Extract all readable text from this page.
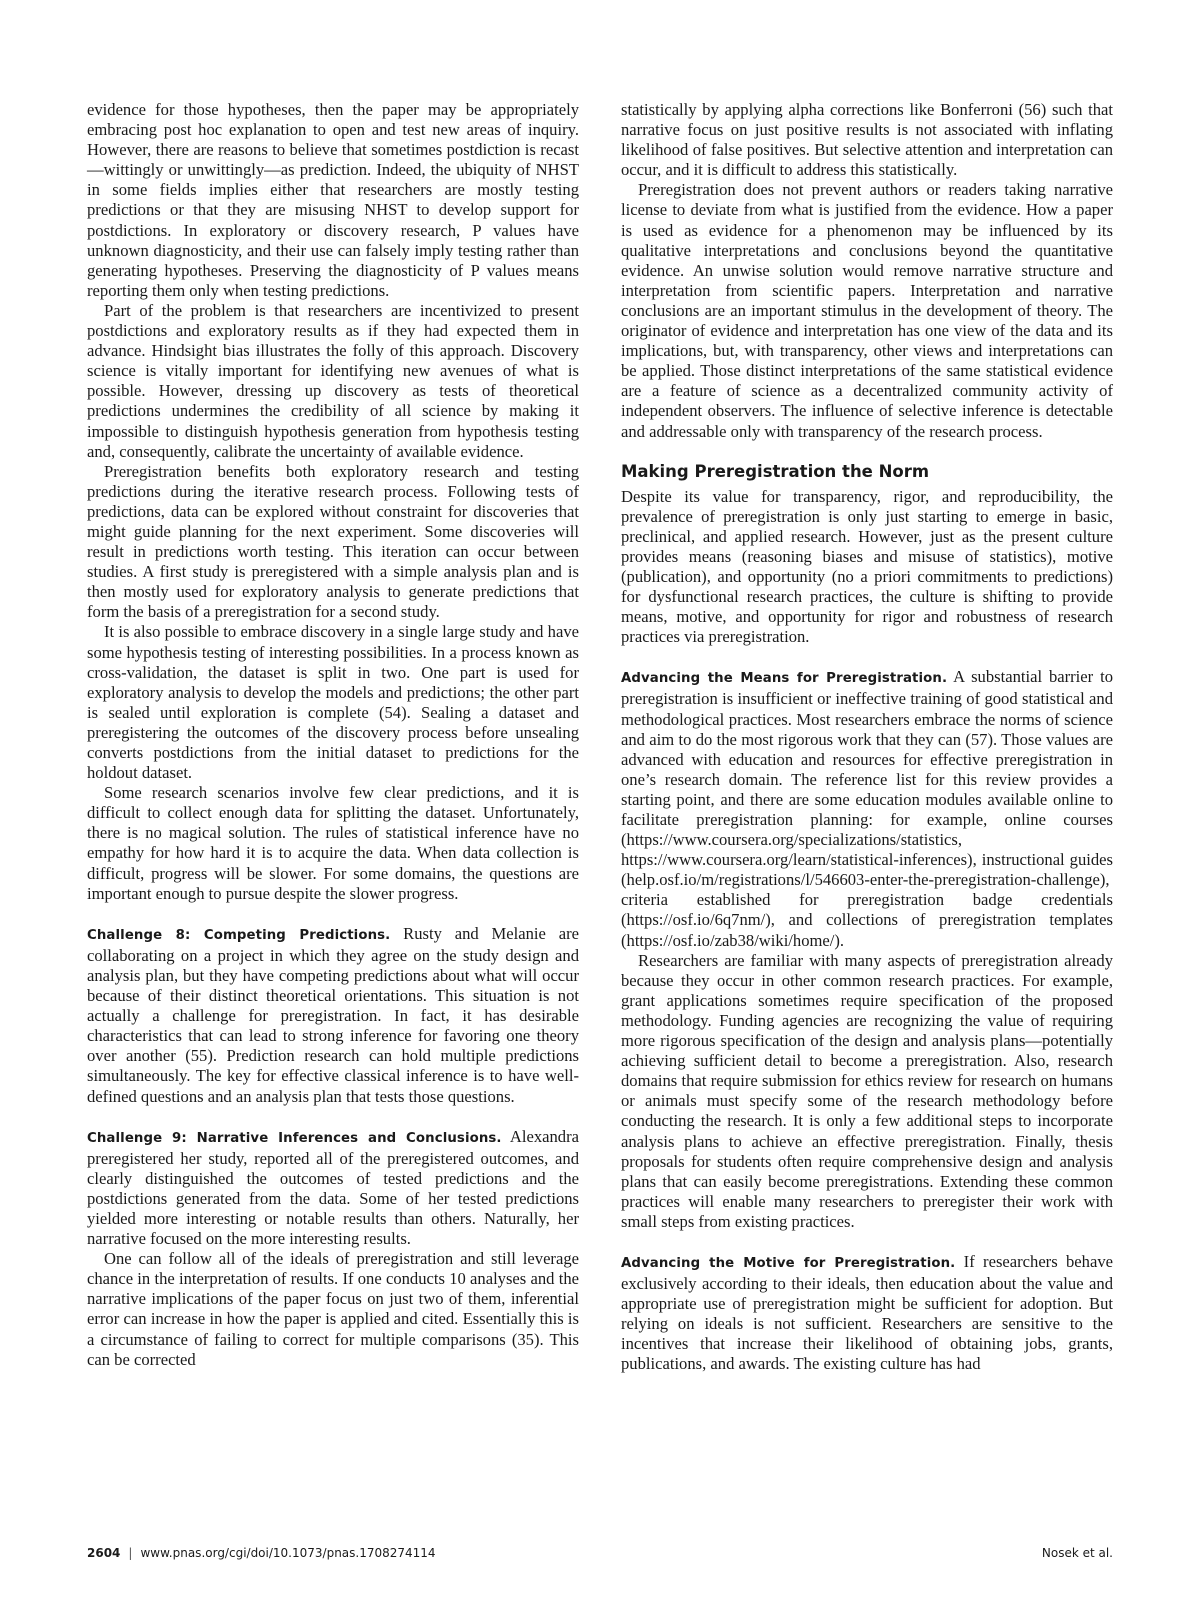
evidence for those hypotheses, then the paper may be appropriately embracing post hoc explanation to open and test new areas of inquiry. However, there are reasons to believe that sometimes postdiction is recast—wittingly or unwittingly—as prediction. Indeed, the ubiquity of NHST in some fields implies either that researchers are mostly testing predictions or that they are misusing NHST to develop support for postdictions. In exploratory or discovery research, P values have unknown diagnosticity, and their use can falsely imply testing rather than generating hypotheses. Preserving the diagnosticity of P values means reporting them only when testing predictions.

Part of the problem is that researchers are incentivized to present postdictions and exploratory results as if they had expected them in advance. Hindsight bias illustrates the folly of this approach. Discovery science is vitally important for identifying new avenues of what is possible. However, dressing up discovery as tests of theoretical predictions undermines the credibility of all science by making it impossible to distinguish hypothesis generation from hypothesis testing and, consequently, calibrate the uncertainty of available evidence.

Preregistration benefits both exploratory research and testing predictions during the iterative research process. Following tests of predictions, data can be explored without constraint for discoveries that might guide planning for the next experiment. Some discoveries will result in predictions worth testing. This iteration can occur between studies. A first study is preregistered with a simple analysis plan and is then mostly used for exploratory analysis to generate predictions that form the basis of a preregistration for a second study.

It is also possible to embrace discovery in a single large study and have some hypothesis testing of interesting possibilities. In a process known as cross-validation, the dataset is split in two. One part is used for exploratory analysis to develop the models and predictions; the other part is sealed until exploration is complete (54). Sealing a dataset and preregistering the outcomes of the discovery process before unsealing converts postdictions from the initial dataset to predictions for the holdout dataset.

Some research scenarios involve few clear predictions, and it is difficult to collect enough data for splitting the dataset. Unfortunately, there is no magical solution. The rules of statistical inference have no empathy for how hard it is to acquire the data. When data collection is difficult, progress will be slower. For some domains, the questions are important enough to pursue despite the slower progress.

Challenge 8: Competing Predictions. Rusty and Melanie are collaborating on a project in which they agree on the study design and analysis plan, but they have competing predictions about what will occur because of their distinct theoretical orientations. This situation is not actually a challenge for preregistration. In fact, it has desirable characteristics that can lead to strong inference for favoring one theory over another (55). Prediction research can hold multiple predictions simultaneously. The key for effective classical inference is to have well-defined questions and an analysis plan that tests those questions.

Challenge 9: Narrative Inferences and Conclusions. Alexandra preregistered her study, reported all of the preregistered outcomes, and clearly distinguished the outcomes of tested predictions and the postdictions generated from the data. Some of her tested predictions yielded more interesting or notable results than others. Naturally, her narrative focused on the more interesting results.

One can follow all of the ideals of preregistration and still leverage chance in the interpretation of results. If one conducts 10 analyses and the narrative implications of the paper focus on just two of them, inferential error can increase in how the paper is applied and cited. Essentially this is a circumstance of failing to correct for multiple comparisons (35). This can be corrected

statistically by applying alpha corrections like Bonferroni (56) such that narrative focus on just positive results is not associated with inflating likelihood of false positives. But selective attention and interpretation can occur, and it is difficult to address this statistically.

Preregistration does not prevent authors or readers taking narrative license to deviate from what is justified from the evidence. How a paper is used as evidence for a phenomenon may be influenced by its qualitative interpretations and conclusions beyond the quantitative evidence. An unwise solution would remove narrative structure and interpretation from scientific papers. Interpretation and narrative conclusions are an important stimulus in the development of theory. The originator of evidence and interpretation has one view of the data and its implications, but, with transparency, other views and interpretations can be applied. Those distinct interpretations of the same statistical evidence are a feature of science as a decentralized community activity of independent observers. The influence of selective inference is detectable and addressable only with transparency of the research process.

Making Preregistration the Norm

Despite its value for transparency, rigor, and reproducibility, the prevalence of preregistration is only just starting to emerge in basic, preclinical, and applied research. However, just as the present culture provides means (reasoning biases and misuse of statistics), motive (publication), and opportunity (no a priori commitments to predictions) for dysfunctional research practices, the culture is shifting to provide means, motive, and opportunity for rigor and robustness of research practices via preregistration.

Advancing the Means for Preregistration. A substantial barrier to preregistration is insufficient or ineffective training of good statistical and methodological practices. Most researchers embrace the norms of science and aim to do the most rigorous work that they can (57). Those values are advanced with education and resources for effective preregistration in one’s research domain. The reference list for this review provides a starting point, and there are some education modules available online to facilitate preregistration planning: for example, online courses (https://www.coursera.org/specializations/statistics, https://www.coursera.org/learn/statistical-inferences), instructional guides (help.osf.io/m/registrations/l/546603-enter-the-preregistration-challenge), criteria established for preregistration badge credentials (https://osf.io/6q7nm/), and collections of preregistration templates (https://osf.io/zab38/wiki/home/).

Researchers are familiar with many aspects of preregistration already because they occur in other common research practices. For example, grant applications sometimes require specification of the proposed methodology. Funding agencies are recognizing the value of requiring more rigorous specification of the design and analysis plans—potentially achieving sufficient detail to become a preregistration. Also, research domains that require submission for ethics review for research on humans or animals must specify some of the research methodology before conducting the research. It is only a few additional steps to incorporate analysis plans to achieve an effective preregistration. Finally, thesis proposals for students often require comprehensive design and analysis plans that can easily become preregistrations. Extending these common practices will enable many researchers to preregister their work with small steps from existing practices.

Advancing the Motive for Preregistration. If researchers behave exclusively according to their ideals, then education about the value and appropriate use of preregistration might be sufficient for adoption. But relying on ideals is not sufficient. Researchers are sensitive to the incentives that increase their likelihood of obtaining jobs, grants, publications, and awards. The existing culture has had

2604 | www.pnas.org/cgi/doi/10.1073/pnas.1708274114	Nosek et al.
